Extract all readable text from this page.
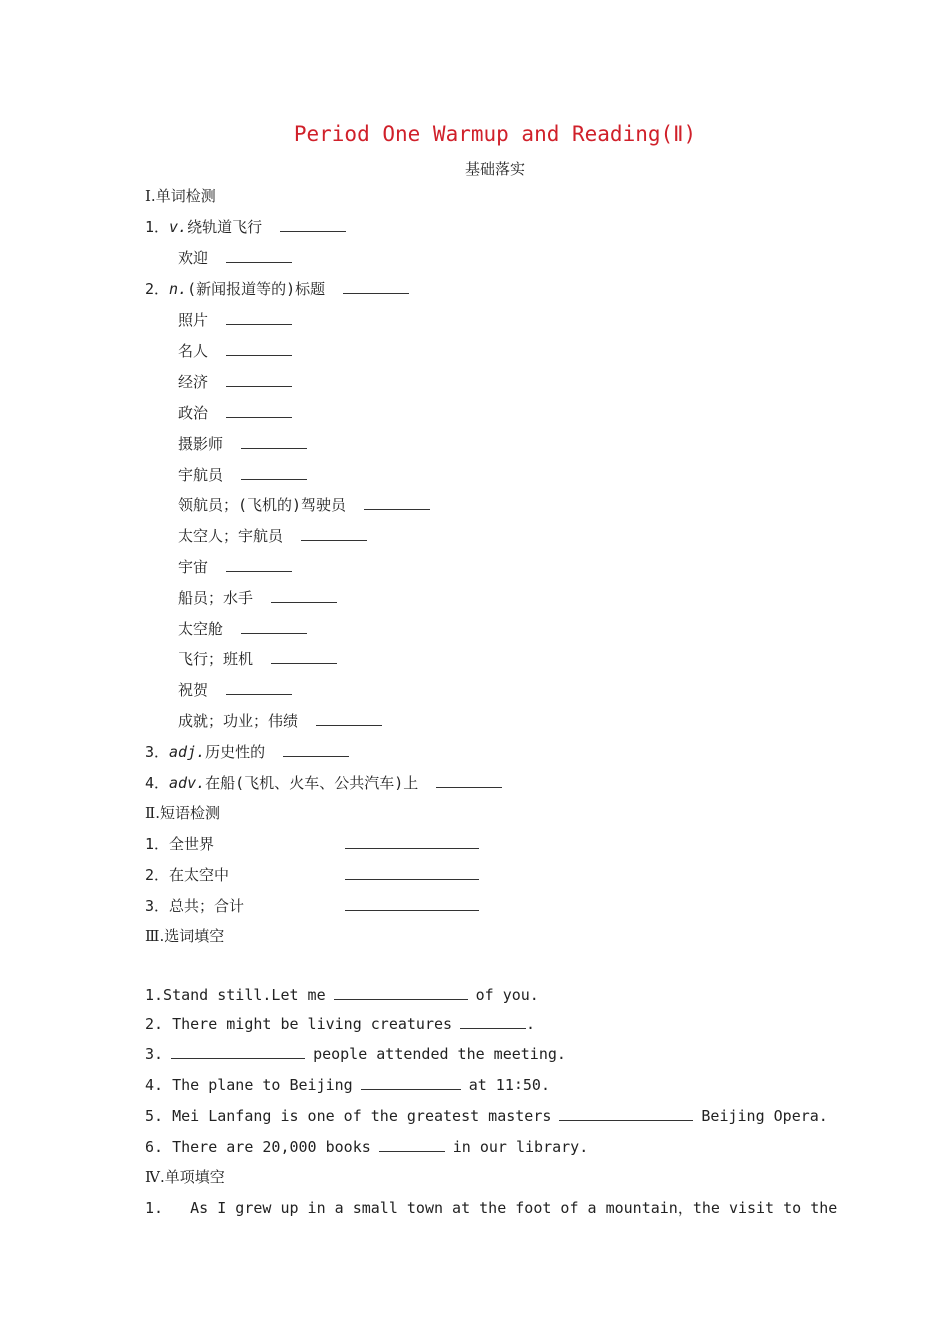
Period One Warmup and Reading(Ⅱ)
基础落实
Ⅰ.单词检测
1．v.绕轨道飞行
欢迎
2．n.(新闻报道等的)标题
照片
名人
经济
政治
摄影师
宇航员
领航员；(飞机的)驾驶员
太空人；宇航员
宇宙
船员；水手
太空舱
飞行；班机
祝贺
成就；功业；伟绩
3．adj.历史性的
4．adv.在船(飞机、火车、公共汽车)上
Ⅱ.短语检测
1．全世界
2．在太空中
3．总共；合计
Ⅲ.选词填空
1.Stand still.Let me	of you.
2. There might be living creatures	.
3.	people attended the meeting.
4. The plane to Beijing	at 11∶50.
5. Mei Lanfang is one of the greatest masters	Beijing Opera.
6. There are 20,000 books	in our library.
Ⅳ.单项填空
1.   As I grew up in a small town at the foot of a mountain，the visit to the
